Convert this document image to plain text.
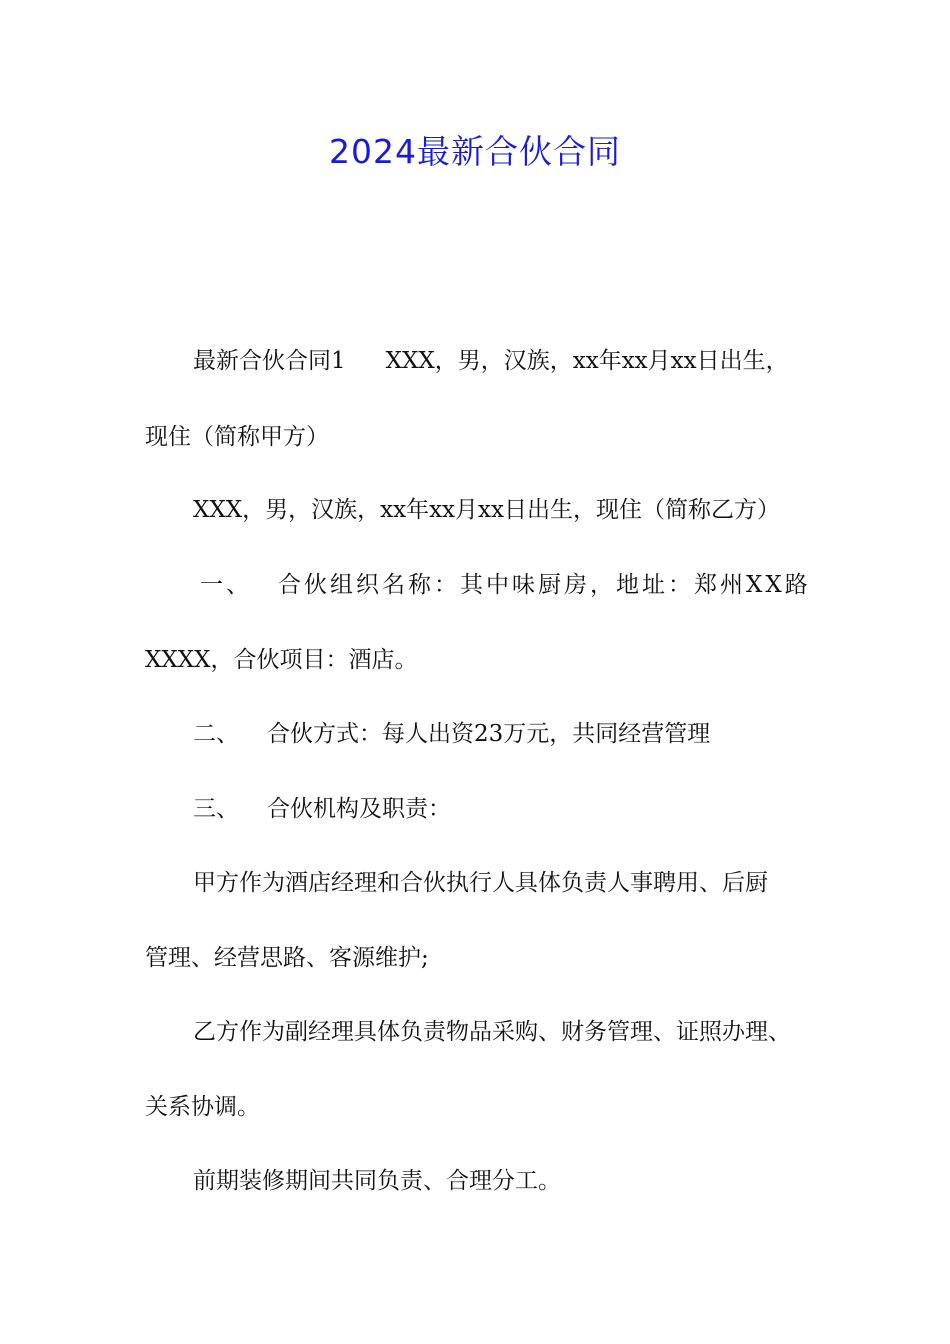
2024最新合伙合同

最新合伙合同1 XXX，男，汉族，xx年xx月xx日出生，

现住（简称甲方）

XXX，男，汉族，xx年xx月xx日出生，现住（简称乙方）

一、 合伙组织名称：其中味厨房，地址：郑州XX路

XXXX，合伙项目：酒店。

二、 合伙方式：每人出资23万元，共同经营管理

三、 合伙机构及职责：

甲方作为酒店经理和合伙执行人具体负责人事聘用、后厨

管理、经营思路、客源维护;

乙方作为副经理具体负责物品采购、财务管理、证照办理、

关系协调。

前期装修期间共同负责、合理分工。
